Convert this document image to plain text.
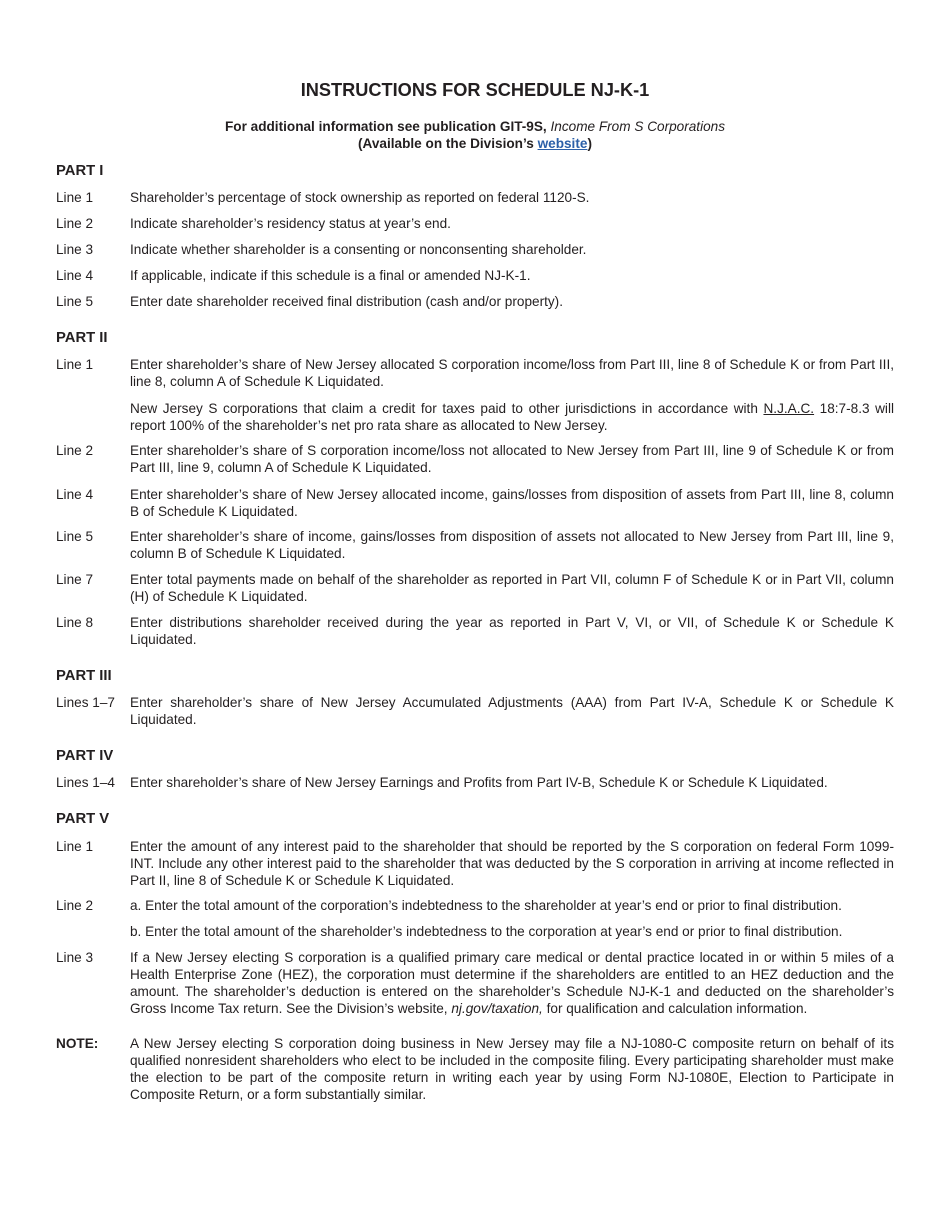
INSTRUCTIONS FOR SCHEDULE NJ-K-1
For additional information see publication GIT-9S, Income From S Corporations
(Available on the Division’s website)
PART I
Line 1	Shareholder’s percentage of stock ownership as reported on federal 1120-S.
Line 2	Indicate shareholder’s residency status at year’s end.
Line 3	Indicate whether shareholder is a consenting or nonconsenting shareholder.
Line 4	If applicable, indicate if this schedule is a final or amended NJ-K-1.
Line 5	Enter date shareholder received final distribution (cash and/or property).
PART II
Line 1	Enter shareholder’s share of New Jersey allocated S corporation income/loss from Part III, line 8 of Schedule K or from Part III, line 8, column A of Schedule K Liquidated.
New Jersey S corporations that claim a credit for taxes paid to other jurisdictions in accordance with N.J.A.C. 18:7-8.3 will report 100% of the shareholder’s net pro rata share as allocated to New Jersey.
Line 2	Enter shareholder’s share of S corporation income/loss not allocated to New Jersey from Part III, line 9 of Schedule K or from Part III, line 9, column A of Schedule K Liquidated.
Line 4	Enter shareholder’s share of New Jersey allocated income, gains/losses from disposition of assets from Part III, line 8, column B of Schedule K Liquidated.
Line 5	Enter shareholder’s share of income, gains/losses from disposition of assets not allocated to New Jersey from Part III, line 9, column B of Schedule K Liquidated.
Line 7	Enter total payments made on behalf of the shareholder as reported in Part VII, column F of Schedule K or in Part VII, column (H) of Schedule K Liquidated.
Line 8	Enter distributions shareholder received during the year as reported in Part V, VI, or VII, of Schedule K or Schedule K Liquidated.
PART III
Lines 1–7	Enter shareholder’s share of New Jersey Accumulated Adjustments (AAA) from Part IV-A, Schedule K or Schedule K Liquidated.
PART IV
Lines 1–4	Enter shareholder’s share of New Jersey Earnings and Profits from Part IV-B, Schedule K or Schedule K Liquidated.
PART V
Line 1	Enter the amount of any interest paid to the shareholder that should be reported by the S corporation on federal Form 1099-INT. Include any other interest paid to the shareholder that was deducted by the S corporation in arriving at income reflected in Part II, line 8 of Schedule K or Schedule K Liquidated.
Line 2	a. Enter the total amount of the corporation’s indebtedness to the shareholder at year’s end or prior to final distribution.
b. Enter the total amount of the shareholder’s indebtedness to the corporation at year’s end or prior to final distribution.
Line 3	If a New Jersey electing S corporation is a qualified primary care medical or dental practice located in or within 5 miles of a Health Enterprise Zone (HEZ), the corporation must determine if the shareholders are entitled to an HEZ deduction and the amount. The shareholder’s deduction is entered on the shareholder’s Schedule NJ-K-1 and deducted on the shareholder’s Gross Income Tax return. See the Division’s website, nj.gov/taxation, for qualification and calculation information.
NOTE:	A New Jersey electing S corporation doing business in New Jersey may file a NJ-1080-C composite return on behalf of its qualified nonresident shareholders who elect to be included in the composite filing. Every participating shareholder must make the election to be part of the composite return in writing each year by using Form NJ-1080E, Election to Participate in Composite Return, or a form substantially similar.
